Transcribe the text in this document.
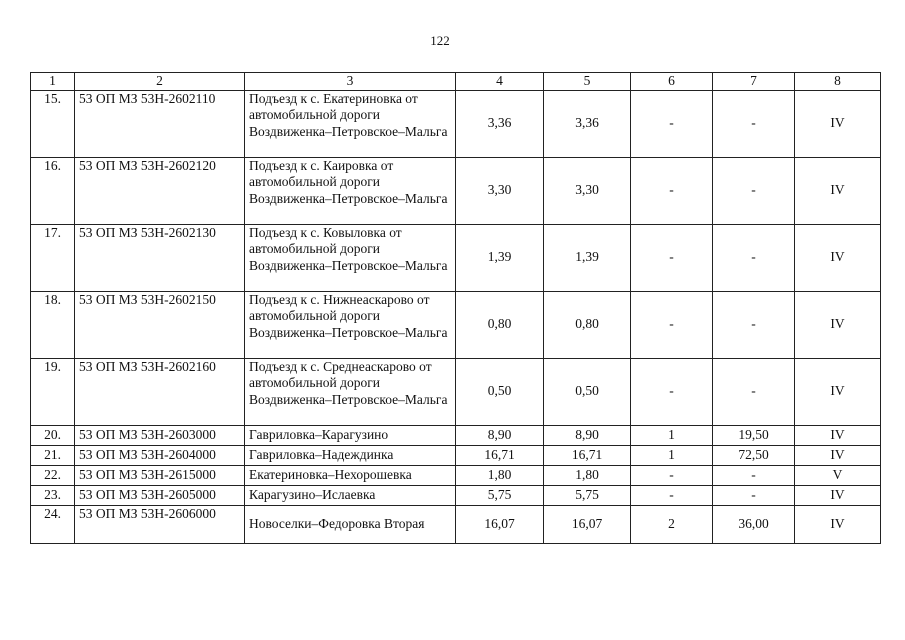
122
1	2	3	4	5	6	7	8
15.	53 ОП МЗ 53Н-2602110	Подъезд к с. Екатериновка от автомобильной дороги Воздвиженка–Петровское–Мальга	3,36	3,36	-	-	IV
16.	53 ОП МЗ 53Н-2602120	Подъезд к с. Каировка от автомобильной дороги Воздвиженка–Петровское–Мальга	3,30	3,30	-	-	IV
17.	53 ОП МЗ 53Н-2602130	Подъезд к с. Ковыловка от автомобильной дороги Воздвиженка–Петровское–Мальга	1,39	1,39	-	-	IV
18.	53 ОП МЗ 53Н-2602150	Подъезд к с. Нижнеаскарово от автомобильной дороги Воздвиженка–Петровское–Мальга	0,80	0,80	-	-	IV
19.	53 ОП МЗ 53Н-2602160	Подъезд к с. Среднеаскарово от автомобильной дороги Воздвиженка–Петровское–Мальга	0,50	0,50	-	-	IV
20.	53 ОП МЗ 53Н-2603000	Гавриловка–Карагузино	8,90	8,90	1	19,50	IV
21.	53 ОП МЗ 53Н-2604000	Гавриловка–Надеждинка	16,71	16,71	1	72,50	IV
22.	53 ОП МЗ 53Н-2615000	Екатериновка–Нехорошевка	1,80	1,80	-	-	V
23.	53 ОП МЗ 53Н-2605000	Карагузино–Ислаевка	5,75	5,75	-	-	IV
24.	53 ОП МЗ 53Н-2606000	Новоселки–Федоровка Вторая	16,07	16,07	2	36,00	IV
